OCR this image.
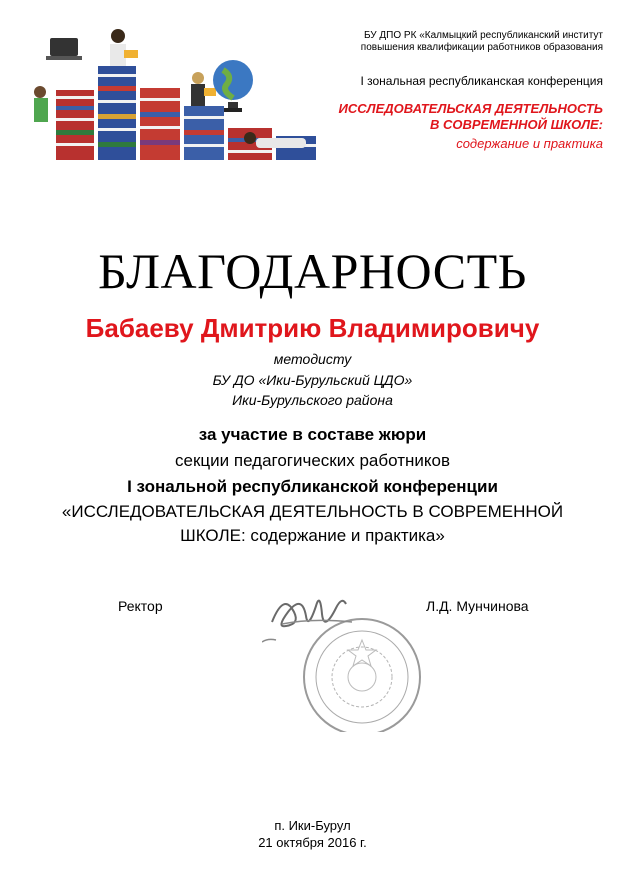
БУ ДПО РК «Калмыцкий республиканский институт
повышения квалификации работников образования
I зональная республиканская конференция
ИССЛЕДОВАТЕЛЬСКАЯ ДЕЯТЕЛЬНОСТЬ
В СОВРЕМЕННОЙ ШКОЛЕ:
содержание и практика
БЛАГОДАРНОСТЬ
Бабаеву Дмитрию Владимировичу
методисту
БУ ДО «Ики-Бурульский ЦДО»
Ики-Бурульского района
за участие в составе жюри
секции педагогических работников
I зональной республиканской конференции
«ИССЛЕДОВАТЕЛЬСКАЯ ДЕЯТЕЛЬНОСТЬ В СОВРЕМЕННОЙ
ШКОЛЕ: содержание и практика»
Ректор	Л.Д. Мунчинова
п. Ики-Бурул
21 октября 2016 г.
